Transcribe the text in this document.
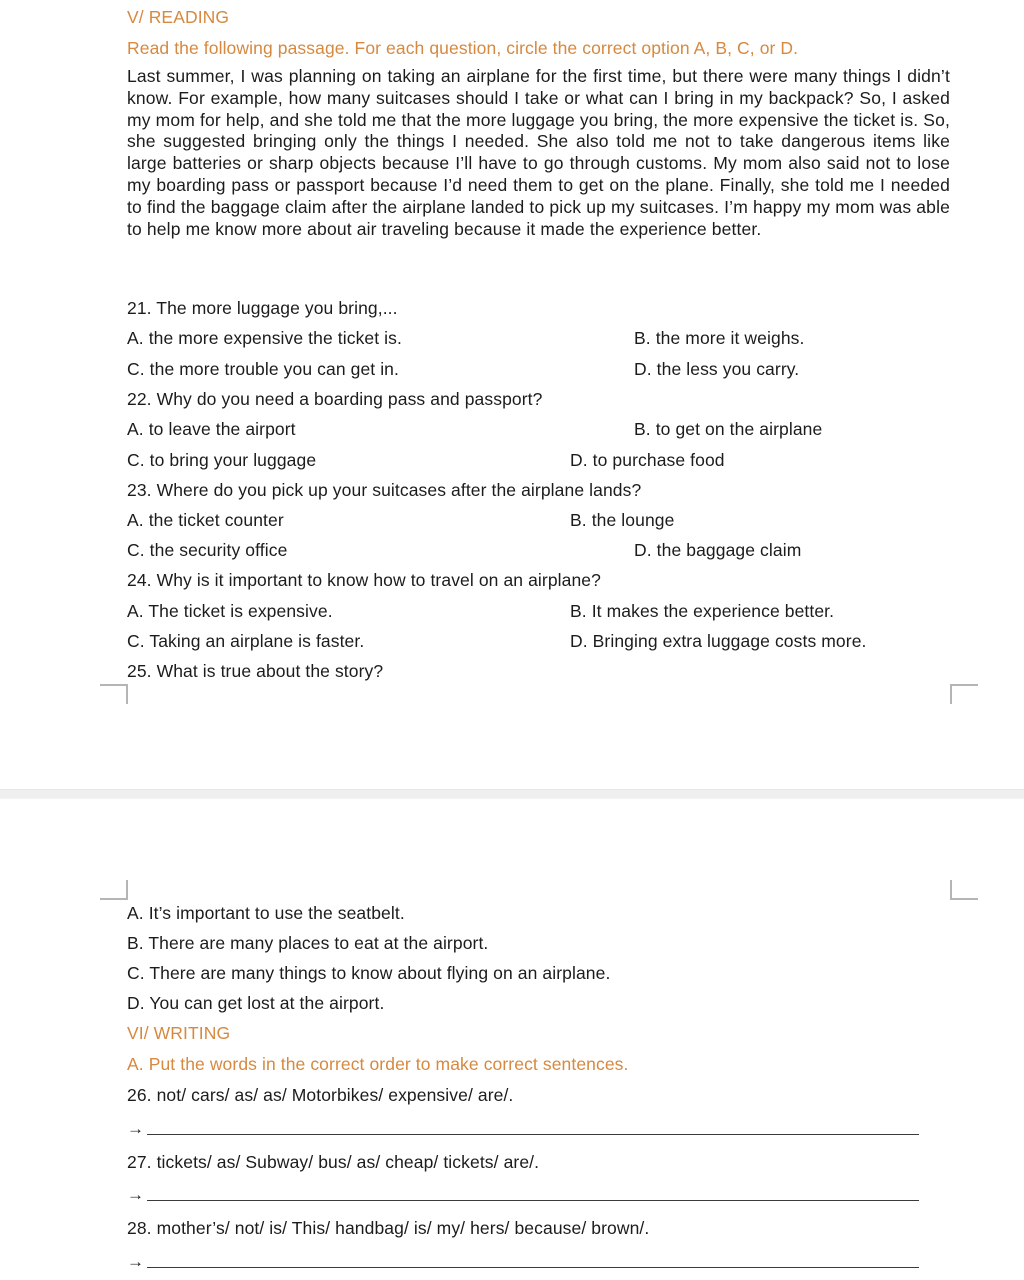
V/ READING
Read the following passage. For each question, circle the correct option A, B, C, or D.
Last summer, I was planning on taking an airplane for the first time, but there were many things I didn’t know. For example, how many suitcases should I take or what can I bring in my backpack? So, I asked my mom for help, and she told me that the more luggage you bring, the more expensive the ticket is. So, she suggested bringing only the things I needed. She also told me not to take dangerous items like large batteries or sharp objects because I’ll have to go through customs. My mom also said not to lose my boarding pass or passport because I’d need them to get on the plane. Finally, she told me I needed to find the baggage claim after the airplane landed to pick up my suitcases. I’m happy my mom was able to help me know more about air traveling because it made the experience better.
21. The more luggage you bring,...
A. the more expensive the ticket is.	B. the more it weighs.
C. the more trouble you can get in.	D. the less you carry.
22. Why do you need a boarding pass and passport?
A. to leave the airport	B. to get on the airplane
C. to bring your luggage	D. to purchase food
23. Where do you pick up your suitcases after the airplane lands?
A. the ticket counter	B. the lounge
C. the security office	D. the baggage claim
24. Why is it important to know how to travel on an airplane?
A. The ticket is expensive.	B. It makes the experience better.
C. Taking an airplane is faster.	D. Bringing extra luggage costs more.
25. What is true about the story?
A. It’s important to use the seatbelt.
B. There are many places to eat at the airport.
C. There are many things to know about flying on an airplane.
D. You can get lost at the airport.
VI/ WRITING
A. Put the words in the correct order to make correct sentences.
26. not/ cars/ as/ as/ Motorbikes/ expensive/ are/.
→
27. tickets/ as/ Subway/ bus/ as/ cheap/ tickets/ are/.
→
28. mother’s/ not/ is/ This/ handbag/ is/ my/ hers/ because/ brown/.
→
